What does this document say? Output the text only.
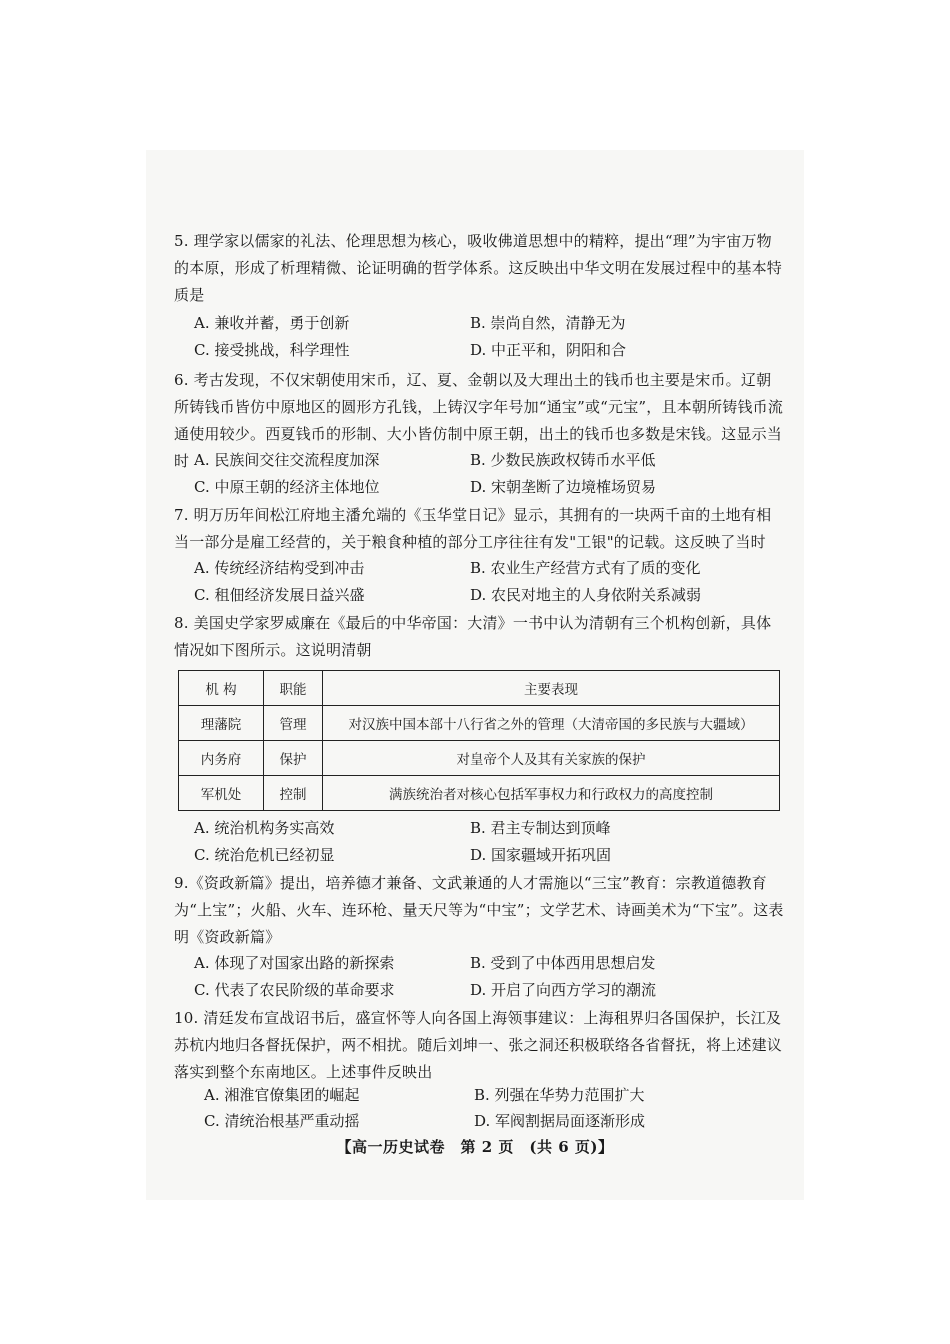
5. 理学家以儒家的礼法、伦理思想为核心，吸收佛道思想中的精粹，提出“理”为宇宙万物的本原，形成了析理精微、论证明确的哲学体系。这反映出中华文明在发展过程中的基本特质是

A. 兼收并蓄，勇于创新	B. 崇尚自然，清静无为
C. 接受挑战，科学理性	D. 中正平和，阴阳和合

6. 考古发现，不仅宋朝使用宋币，辽、夏、金朝以及大理出土的钱币也主要是宋币。辽朝所铸钱币皆仿中原地区的圆形方孔钱，上铸汉字年号加“通宝”或“元宝”，且本朝所铸钱币流通使用较少。西夏钱币的形制、大小皆仿制中原王朝，出土的钱币也多数是宋钱。这显示当时 A. 民族间交往交流程度加深	B. 少数民族政权铸币水平低
C. 中原王朝的经济主体地位	D. 宋朝垄断了边境榷场贸易

7. 明万历年间松江府地主潘允端的《玉华堂日记》显示，其拥有的一块两千亩的土地有相当一部分是雇工经营的，关于粮食种植的部分工序往往有发"工银"的记载。这反映了当时

A. 传统经济结构受到冲击	B. 农业生产经营方式有了质的变化
C. 租佃经济发展日益兴盛	D. 农民对地主的人身依附关系减弱

8. 美国史学家罗威廉在《最后的中华帝国：大清》一书中认为清朝有三个机构创新，具体情况如下图所示。这说明清朝

机 构	职能	主要表现
理藩院	管理	对汉族中国本部十八行省之外的管理（大清帝国的多民族与大疆域）
内务府	保护	对皇帝个人及其有关家族的保护
军机处	控制	满族统治者对核心包括军事权力和行政权力的高度控制
A. 统治机构务实高效	B. 君主专制达到顶峰
C. 统治危机已经初显	D. 国家疆域开拓巩固

9.《资政新篇》提出，培养德才兼备、文武兼通的人才需施以“三宝”教育：宗教道德教育为“上宝”；火船、火车、连环枪、量天尺等为“中宝”；文学艺术、诗画美术为“下宝”。这表明《资政新篇》

A. 体现了对国家出路的新探索	B. 受到了中体西用思想启发
C. 代表了农民阶级的革命要求	D. 开启了向西方学习的潮流

10. 清廷发布宣战诏书后，盛宣怀等人向各国上海领事建议：上海租界归各国保护，长江及苏杭内地归各督抚保护，两不相扰。随后刘坤一、张之洞还积极联络各省督抚，将上述建议落实到整个东南地区。上述事件反映出

A. 湘淮官僚集团的崛起	B. 列强在华势力范围扩大
C. 清统治根基严重动摇	D. 军阀割据局面逐渐形成
【高一历史试卷　第 2 页　(共 6 页)】
